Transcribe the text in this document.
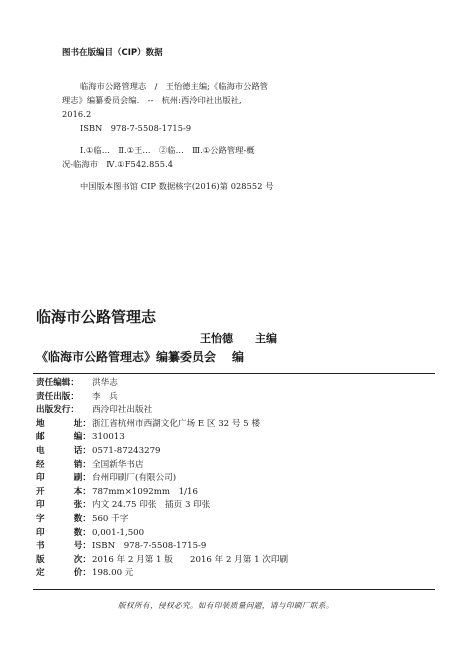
图书在版编目（CIP）数据
临海市公路管理志　/　王怡德主编;《临海市公路管
理志》编纂委员会编.　--　杭州:西泠印社出版社,
2016.2
ISBN　978-7-5508-1715-9
Ⅰ.①临…　Ⅱ.①王…　②临…　Ⅲ.①公路管理-概
况-临海市　Ⅳ.①F542.855.4
中国版本图书馆 CIP 数据核字(2016)第 028552 号
临海市公路管理志
王怡德 主编
《临海市公路管理志》编纂委员会 编
责任编辑： 洪华志
责任出版： 李　兵
出版发行： 西泠印社出版社
地	址： 浙江省杭州市西湖文化广场 E 区 32 号 5 楼
邮	编： 310013
电	话： 0571-87243279
经	销： 全国新华书店
印	刷： 台州印刷厂(有限公司)
开	本： 787mm×1092mm　1/16
印	张： 内文 24.75 印张　插页 3 印张
字	数： 560 千字
印	数： 0,001-1,500
书	号： ISBN　978-7-5508-1715-9
版	次： 2016 年 2 月第 1 版　　2016 年 2 月第 1 次印刷
定	价： 198.00 元
版权所有，侵权必究。如有印装质量问题，请与印刷厂联系。
